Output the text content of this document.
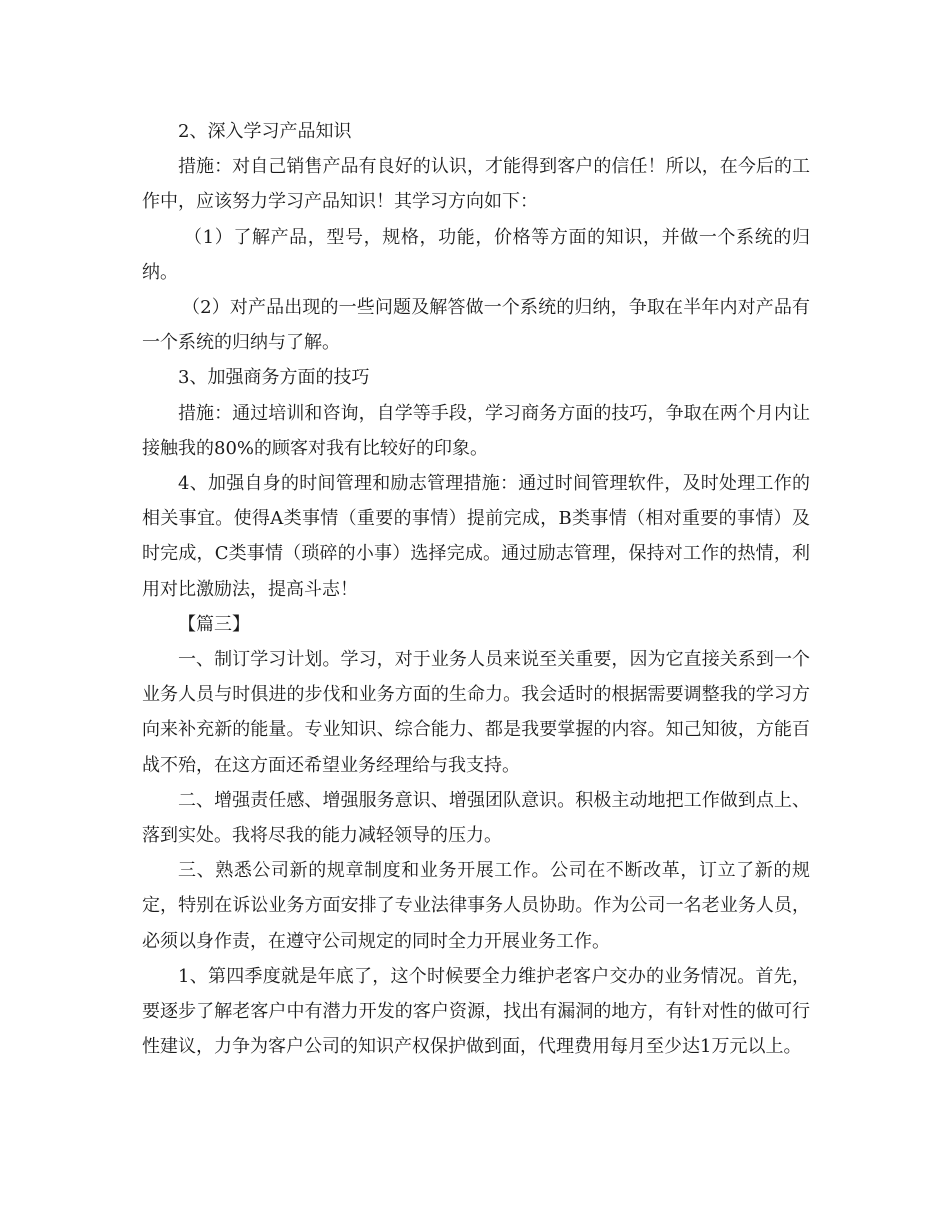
2、深入学习产品知识

措施：对自己销售产品有良好的认识，才能得到客户的信任！所以，在今后的工作中，应该努力学习产品知识！其学习方向如下：

（1）了解产品，型号，规格，功能，价格等方面的知识，并做一个系统的归纳。

（2）对产品出现的一些问题及解答做一个系统的归纳，争取在半年内对产品有一个系统的归纳与了解。

3、加强商务方面的技巧

措施：通过培训和咨询，自学等手段，学习商务方面的技巧，争取在两个月内让接触我的80%的顾客对我有比较好的印象。

4、加强自身的时间管理和励志管理措施：通过时间管理软件，及时处理工作的相关事宜。使得A类事情（重要的事情）提前完成，B类事情（相对重要的事情）及时完成，C类事情（琐碎的小事）选择完成。通过励志管理，保持对工作的热情，利用对比激励法，提高斗志！

【篇三】

一、制订学习计划。学习，对于业务人员来说至关重要，因为它直接关系到一个业务人员与时俱进的步伐和业务方面的生命力。我会适时的根据需要调整我的学习方向来补充新的能量。专业知识、综合能力、都是我要掌握的内容。知己知彼，方能百战不殆，在这方面还希望业务经理给与我支持。

二、增强责任感、增强服务意识、增强团队意识。积极主动地把工作做到点上、落到实处。我将尽我的能力减轻领导的压力。

三、熟悉公司新的规章制度和业务开展工作。公司在不断改革，订立了新的规定，特别在诉讼业务方面安排了专业法律事务人员协助。作为公司一名老业务人员，必须以身作责，在遵守公司规定的同时全力开展业务工作。

1、第四季度就是年底了，这个时候要全力维护老客户交办的业务情况。首先，要逐步了解老客户中有潜力开发的客户资源，找出有漏洞的地方，有针对性的做可行性建议，力争为客户公司的知识产权保护做到面，代理费用每月至少达1万元以上。
